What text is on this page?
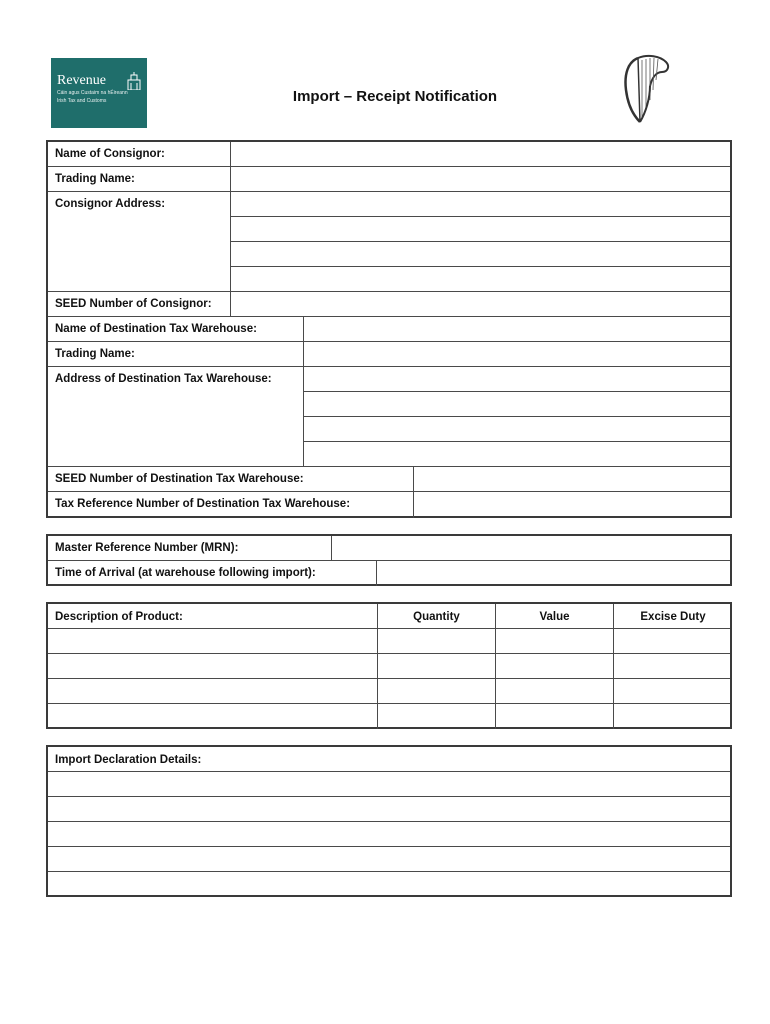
Revenue
Cáin agus Custaim na hÉireann
Irish Tax and Customs	Import – Receipt Notification
Name of Consignor:
Trading Name:
Consignor Address:
SEED Number of Consignor:
Name of Destination Tax Warehouse:
Trading Name:
Address of Destination Tax Warehouse:
SEED Number of Destination Tax Warehouse:
Tax Reference Number of Destination Tax Warehouse:
Master Reference Number (MRN):
Time of Arrival (at warehouse following import):
Description of Product:	Quantity	Value	Excise Duty
Import Declaration Details:
